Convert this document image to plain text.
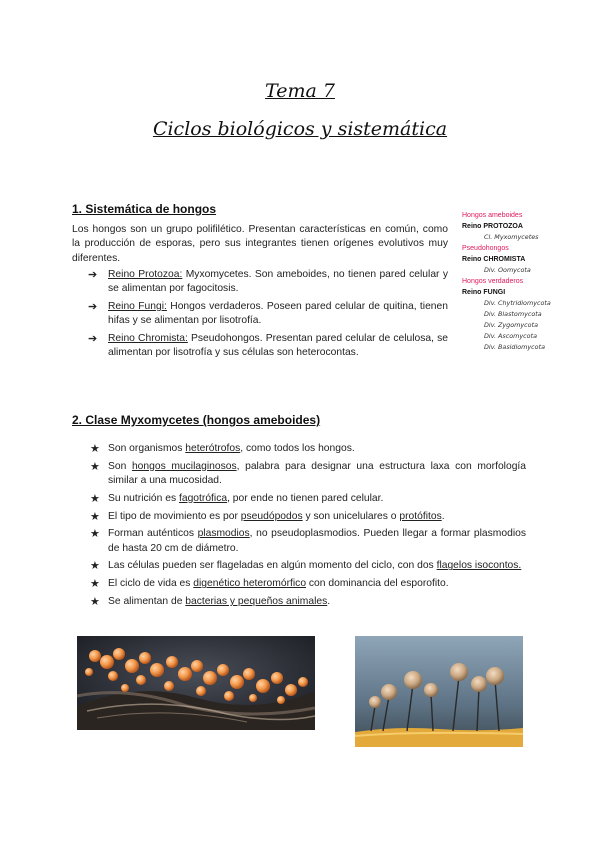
Tema 7
Ciclos biológicos y sistemática
1. Sistemática de hongos

Los hongos son un grupo polifilético. Presentan características en común, como la producción de esporas, pero sus integrantes tienen orígenes evolutivos muy diferentes.

➔ Reino Protozoa: Myxomycetes. Son ameboides, no tienen pared celular y se alimentan por fagocitosis.
➔ Reino Fungi: Hongos verdaderos. Poseen pared celular de quitina, tienen hifas y se alimentan por lisotrofía.
➔ Reino Chromista: Pseudohongos. Presentan pared celular de celulosa, se alimentan por lisotrofía y sus células son heterocontas.
Hongos ameboides
Reino PROTOZOA
Cl. Myxomycetes
Pseudohongos
Reino CHROMISTA
Div. Oomycota
Hongos verdaderos
Reino FUNGI
Div. Chytridiomycota
Div. Blastomycota
Div. Zygomycota
Div. Ascomycota
Div. Basidiomycota
2. Clase Myxomycetes (hongos ameboides)
★ Son organismos heterótrofos, como todos los hongos.
★ Son hongos mucilaginosos, palabra para designar una estructura laxa con morfología similar a una mucosidad.
★ Su nutrición es fagotrófica, por ende no tienen pared celular.
★ El tipo de movimiento es por pseudópodos y son unicelulares o protófitos.
★ Forman auténticos plasmodios, no pseudoplasmodios. Pueden llegar a formar plasmodios de hasta 20 cm de diámetro.
★ Las células pueden ser flageladas en algún momento del ciclo, con dos flagelos isocontos.
★ El ciclo de vida es digenético heteromórfico con dominancia del esporofito.
★ Se alimentan de bacterias y pequeños animales.
